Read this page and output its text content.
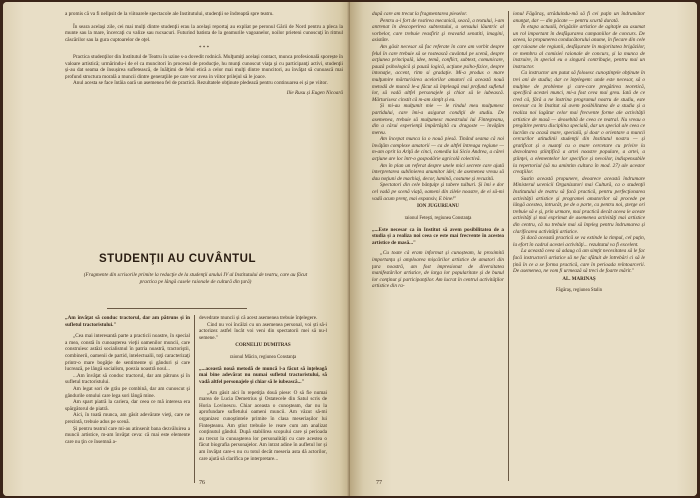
a promis că va fi nelipsit de la viitoarele spectacole ale Institutului, studenţii se îndreaptă spre teatru.

În seara acelaşi zile, cei mai mulţi dintre studenţii erau la acelaşi reportaj au expliat pe peronul Gării de Nord pentru a pleca la munte sau la mare, încercaţi cu valize sau rucsacuri. Futurind batista de la geamurile vagoanelor, noilor prieteni cunoscuţi în ritmul căscărilor sau la gura cuptoarelor de oţel.

* * *

Practica studenţilor din Institutul de Teatru în uzine s-a dovedit rodnică. Mulţumiţi acelaşi contact, munca profesională sporește în valoare artistică; urmărindu-i de el ca muncitori în procesul de producţie, hu munţi cunoscut viaţa şi cu participanţi activi, studenţii și-au dat seama de însușirea sufletească, de înălţimi de felul etică a celor mai mulţi dintre muncitori, au învăţat să cunoască mai profund structura morală a muncii dintre generaţiile pe care vor avea in viitor prilejul să le joace.

Anul acesta se face întâia oară un asemenea fel de practică. Rezultatele obţinute pledează pentru continuarea ei şi pe viitor.

Ilie Rusu și Eugen Nicoară

STUDENŢII AU CUVÂNTUL

(Fragmente din scrisorile primite la redacţie de la studenţii anului IV al Institutului de teatru, care au făcut practica pe lângă casele raionale de cultură din ţară)

„Am învăţat să conduc tractorul, dar am pătruns şi în sufletul tractoristului."

„Cea mai interesantă parte a practicii noastre, în special a mea, constă în cunoaşterea vieţii oamenilor muncii, care construiesc astăzi socialismul în patria noastră, tractoriştii, combinerii, oamenii de partid, intelectualii, toţi caracterizaţi printr-o mare bogăţie de sentimente și gânduri și care lucrează, pe lângă socialism, poezia noastră noul...

...Am învăţat să conduc tractorul, dar am pătruns şi în sufletul tractoristului.

Am legat sori de grâu pe combină, dar am cunoscut şi gândurile omului care lega sori lângă mine.

Am spart piatră la cariera, dar ceea ce mă interesa era spărgătorul de piatră.

Aici, în toată munca, am găsit adevărate vieţi, care ne prezintă, trebuie adus pe scenă.

Și pentru teatrul care mi-au atinsenit bana dezvăluirea a muncii artistice, m-am învăţat ceva: că mai este elemente care nu ţin ce însemnă a-

devedrate muncii și că acest asemenea trebuie înţelegere.

Cind nu voi încălzi cu un asemenea personal, voi ști să-i actorizez astfel încât voi veni din spectatorii mei să nu-l semene."

CORNELIU DUMITRAS

raionul Măcin, regiunea Constanţa

„...această nouă metodă de muncă l-a făcut să înţeleagă mai bine adevărat nu numai sufletul tractoristului, să vadă altfel personajele şi chiar să le iubească..."

„Am găsit aici în repetiţia două piese: O să fie numai marea de Lucia Demetrius şi Ostatecele din Satul scris de Horia Lovinescu. Chiar aceasta o cunoşteam, dar nu la aprofundare sufletului oameni muncii. Am văzut să-mi organizez cunoştintele primite în clasa meseriașilor lui Finteşteanu. Am ştiut trebuiie le reare cum am analizat conţinutul gândul. După stabilirea scopului care și perioada au trecut la cunoaşterea lor personalități cu care acestea o făcut biografia personajelor. Am intrat adine în aufletul lor și am învăţat care-s nu cu totul decât meseria asta dă actorilor, care ajută să clarifica pe interpretare...

76

după care am trecut la fragmentarea pieselor.

Pentru a-i fort de rostirea mecanică, seacă, a textului, i-am antrenat în descoperirea subtextului, a sensului lăuntric al vorbelor, care trebuie reasfirit şi reavatid senatiti, imagini, asistăte.

Am găsit necesar să fac referate în care am vorbit despre felul în care trebuie să se rostească cuvântul pe scenă, despre acţiunea principală, idee, temă, conflict, subtext, comunicare, pauză psihologică și pauză logică, acţiune psiho-fizice, despre intonaţie, accent, ritm si gradaţie. Mi-a produs o mare mulţumire mărturisirea acelorilor amatori că această nouă metodă de muncă le-a făcut să înţeleagă mai profund sufletul lor, să vadă altfel personajele şi chiar să le iubească. Mărturisesc cinstit că m-am simţit și eu.

Și mi-au mulţumit mie — le rindul meu mulţumesc partidului, care îmi-a asigurat condiţii de studiu. De asemenea, trebuie să mulţumesc maestrului lui Finteşteanu, din a cărui experienţă împărtăşită cu dragoste — învăţăm mereu.

Am începat munca la o nouă piesă. Tinând seama că noi învăţăm complexe amatorii — ca de altfel întreaga regiune — m-am oprit la Ariţă de cinci, comedia lui Sicio Andrea, a cărei acţiune are loc într-o gospodărie agricolă colectivă.

Am în plan un referat despre unele mici secrete care ajută interpretarea sublinierea anumitor idei; de asemenea vreau să dau noţiuni de machiaj, decor, lumină, costume și recuzită.

Spectatori din cele bânţuiţe şi tabere tulburi. Și îmi e dor cel vadă pe scenă viaţă, oameni din zilele noastre, de ei să-mi vadă acum prenţ, mai expansiv, E bine!"

ION JUGUREANU

raionul Feteşti, regiunea Constanţa

„...Este necesar ca în Institut să avem posibilitatea de a studia și a realiza noi ceea ce este mai frecvente în acestea artistice de masă..."

„Cu toate că eram informat și cunoșteam, la proximită importanța și amploarea mișcărilor artistice de amatori din ţara noastră, am fost impresionat de diversitatea manifestărilor artistice, de larga lor popularitate și de bunul lor conţinut şi participanţilor. Am lucrat în centrul activităţilor artistice din ra-

ionul Făgăraş, străduindu-mă să fi cei puţin un îndrumător anunţat, dar — din păcate — pentru scurtă durată.

În etapa actuală, brigăzile artistice de agitaţie au asumat un rol important în desfăşurarea campaniilor de concurs. De aceea, la propunerea conducătorului anume, în fiecare din cele opt raioane ale regiunii, desfășurate în majoritatea brigăzilor, ce membru al comisiei raionale de concurs, și la munca de instruire, în special eu o singură contribuţie, pentru mai un instructor.

Ca instructor am putut să folosesc cunoştinţele obţinute în trei ani de studiu; dar ce înţelegem: unde este necesar, să o mulţime de probleme şi care-care pregătirea teoretică, specifică acestei munci, mi-a fost ceva mai greu. Iată de ce cred că, fără a ne înstrina programul nostru de studiu, este necesar ca în Institut să avem posibilitatea de a studia și a realiza noi lagătur celor mai frecvente forme ale activităţii artistice de masă — deosebită de ceea ce teatral. Nu vreau o pregătire pentru disciplina specială, dar un special ale ceea ce lucrăm cu acasă mare, specială, și doar o orientare a muncii cercurilor atitudinii studenţii din Institutul nostru — și gratificat și o nuanţi cu o mare cercetare cu privire la dezvoltarea științifică a artei noastre populare, a artei, a ştiinţei, a elementelor lor specifice și nevoilor, indispensabile la repertoriul (să nu amintim cultura în mod. 27) ale acestor creaţiilor.

Sustin această propunere, deoarece această îndrumare Ministerul ucenicii Organizatori mai Cultură, ca o studenţii Institutului de teatru să facă practică, pentru perfecţionarea activităţii artistice și programei amatorilor să procede pe lângă acestea, intrucât, pe de o parte, ca pentru noi, șterge ori trebuie să e și, prin urmare, mai practică decât aceea le aceste activităţi și mai exprimat de asemenea activităţi mai artistice din centru, că nu trebuie mai să înţeleg pentru îndrumarea și clarificarea activităţii artistice.

Și dacă această practică se va extinde la timpul, cel puţin, la efort în cadrul acestei activităţi... rezultatul va fi excelent.

La această ceea să adaug că am simţit necesitatea să le fac facă instructorii artistice să ne fac sfătuit de întrebări ci să le țină în ce a se forma practică, care în perioada reîntoarcerii. De asemenea, ne vom fi urmează să treci de foarte mărit."

AL. MARINAȘ

Făgăraş, regiunea Stalin

77
